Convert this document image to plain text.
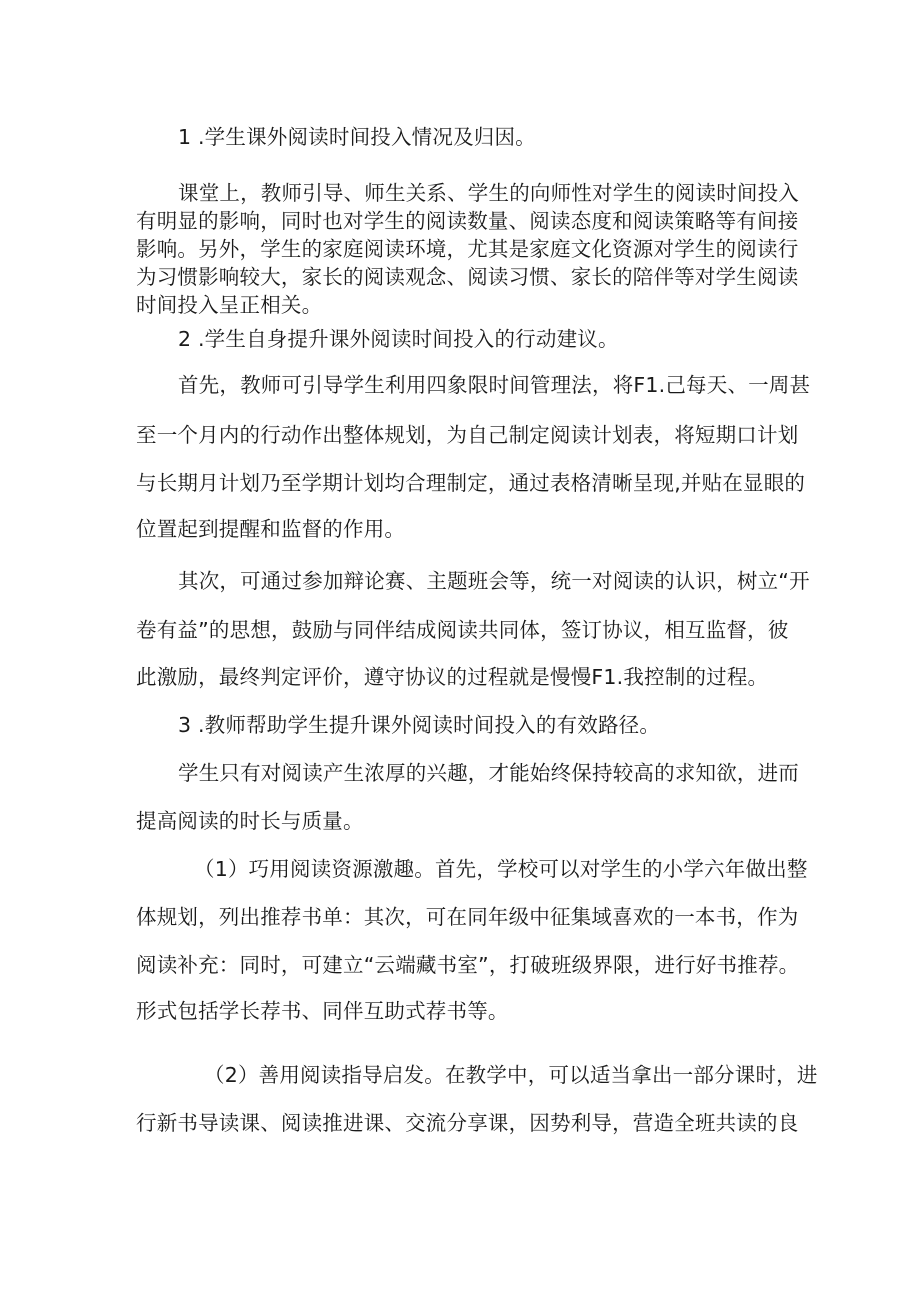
1 .学生课外阅读时间投入情况及归因。

课堂上，教师引导、师生关系、学生的向师性对学生的阅读时间投入

有明显的影响，同时也对学生的阅读数量、阅读态度和阅读策略等有间接

影响。另外，学生的家庭阅读环境，尤其是家庭文化资源对学生的阅读行

为习惯影响较大，家长的阅读观念、阅读习惯、家长的陪伴等对学生阅读

时间投入呈正相关。

2 .学生自身提升课外阅读时间投入的行动建议。

首先，教师可引导学生利用四象限时间管理法，将F1.己每天、一周甚

至一个月内的行动作出整体规划，为自己制定阅读计划表，将短期口计划

与长期月计划乃至学期计划均合理制定，通过表格清晰呈现,并贴在显眼的

位置起到提醒和监督的作用。

其次，可通过参加辩论赛、主题班会等，统一对阅读的认识，树立“开

卷有益”的思想，鼓励与同伴结成阅读共同体，签订协议，相互监督，彼

此激励，最终判定评价，遵守协议的过程就是慢慢F1.我控制的过程。

3 .教师帮助学生提升课外阅读时间投入的有效路径。

学生只有对阅读产生浓厚的兴趣，才能始终保持较高的求知欲，进而

提高阅读的时长与质量。

（1）巧用阅读资源激趣。首先，学校可以对学生的小学六年做出整

体规划，列出推荐书单：其次，可在同年级中征集域喜欢的一本书，作为

阅读补充：同时，可建立“云端藏书室”，打破班级界限，进行好书推荐。

形式包括学长荐书、同伴互助式荐书等。

（2）善用阅读指导启发。在教学中，可以适当拿出一部分课时，进

行新书导读课、阅读推进课、交流分享课，因势利导，营造全班共读的良
